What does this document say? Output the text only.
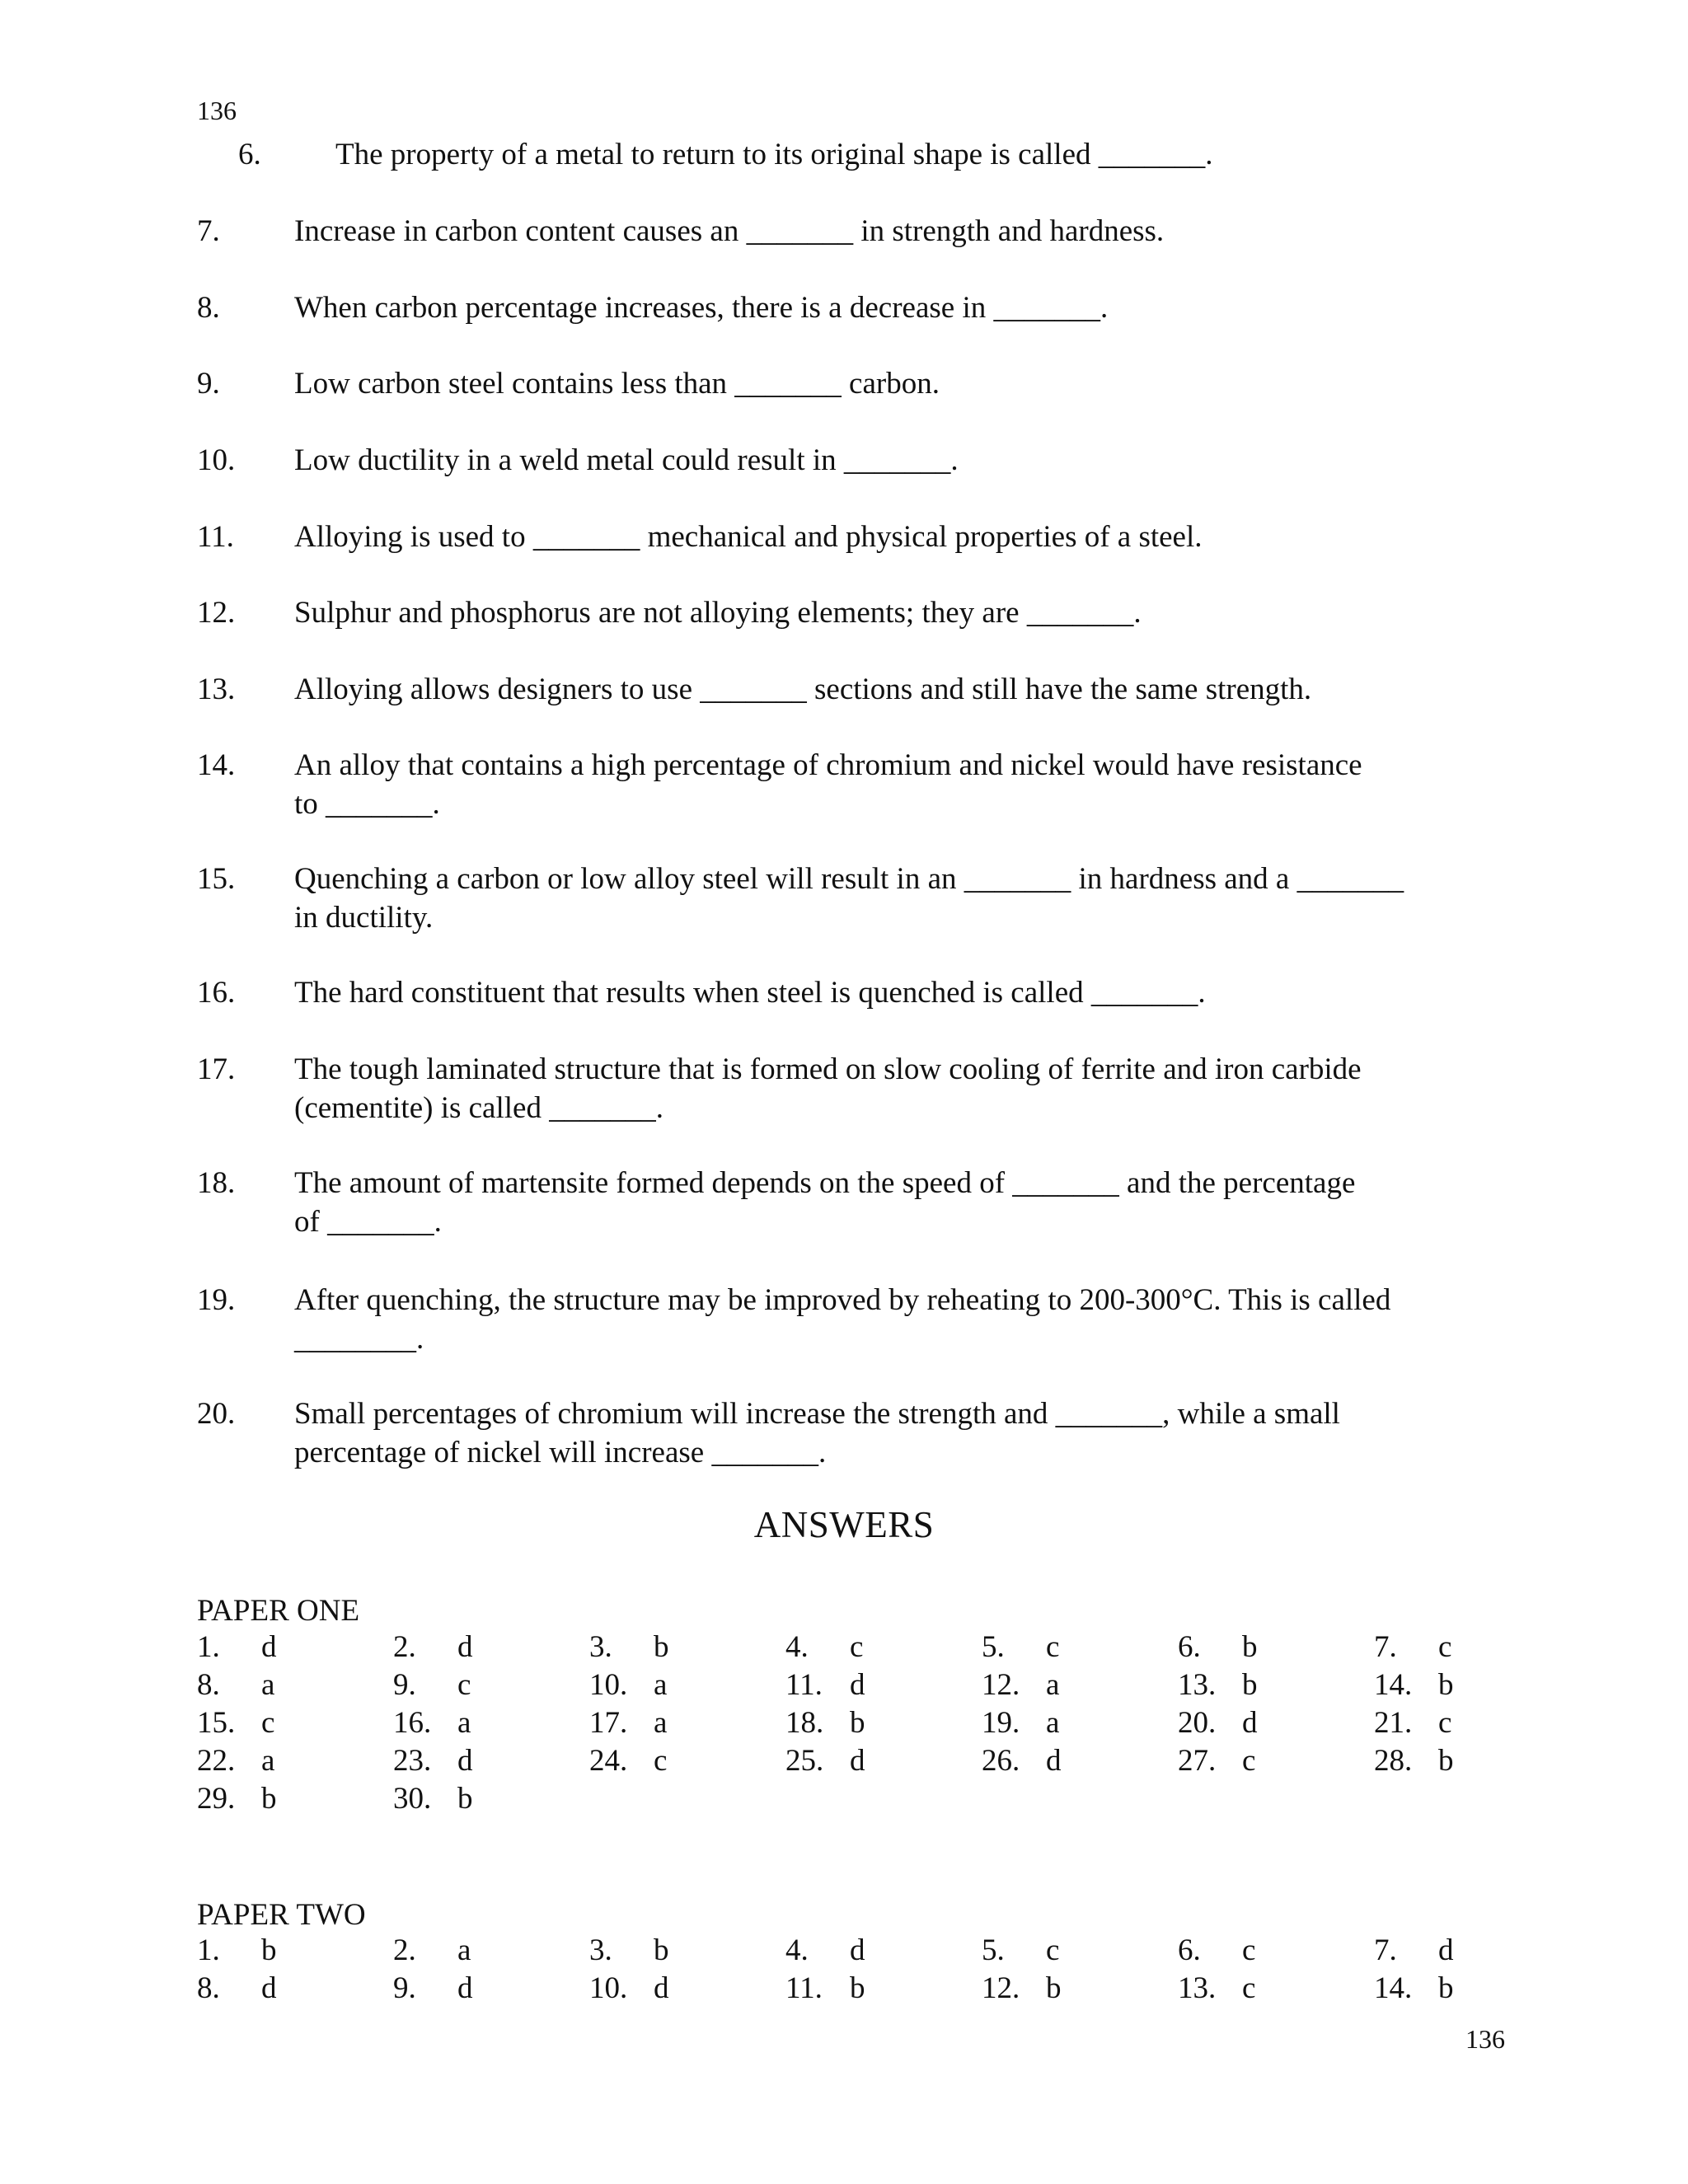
136
6. The property of a metal to return to its original shape is called _______.
7. Increase in carbon content causes an _______ in strength and hardness.
8. When carbon percentage increases, there is a decrease in _______.
9. Low carbon steel contains less than _______ carbon.
10. Low ductility in a weld metal could result in _______.
11. Alloying is used to _______ mechanical and physical properties of a steel.
12. Sulphur and phosphorus are not alloying elements; they are _______.
13. Alloying allows designers to use _______ sections and still have the same strength.
14. An alloy that contains a high percentage of chromium and nickel would have resistance
to _______.
15. Quenching a carbon or low alloy steel will result in an _______ in hardness and a _______
in ductility.
16. The hard constituent that results when steel is quenched is called _______.
17. The tough laminated structure that is formed on slow cooling of ferrite and iron carbide
(cementite) is called _______.
18. The amount of martensite formed depends on the speed of _______ and the percentage
of _______.
19. After quenching, the structure may be improved by reheating to 200-300°C. This is called
________.
20. Small percentages of chromium will increase the strength and _______, while a small
percentage of nickel will increase _______.
ANSWERS
PAPER ONE
1. d	2. d	3. b	4. c	5. c	6. b	7. c
8. a	9. c	10. a	11. d	12. a	13. b	14. b
15. c	16. a	17. a	18. b	19. a	20. d	21. c
22. a	23. d	24. c	25. d	26. d	27. c	28. b
29. b	30. b
PAPER TWO
1. b	2. a	3. b	4. d	5. c	6. c	7. d
8. d	9. d	10. d	11. b	12. b	13. c	14. b
136
